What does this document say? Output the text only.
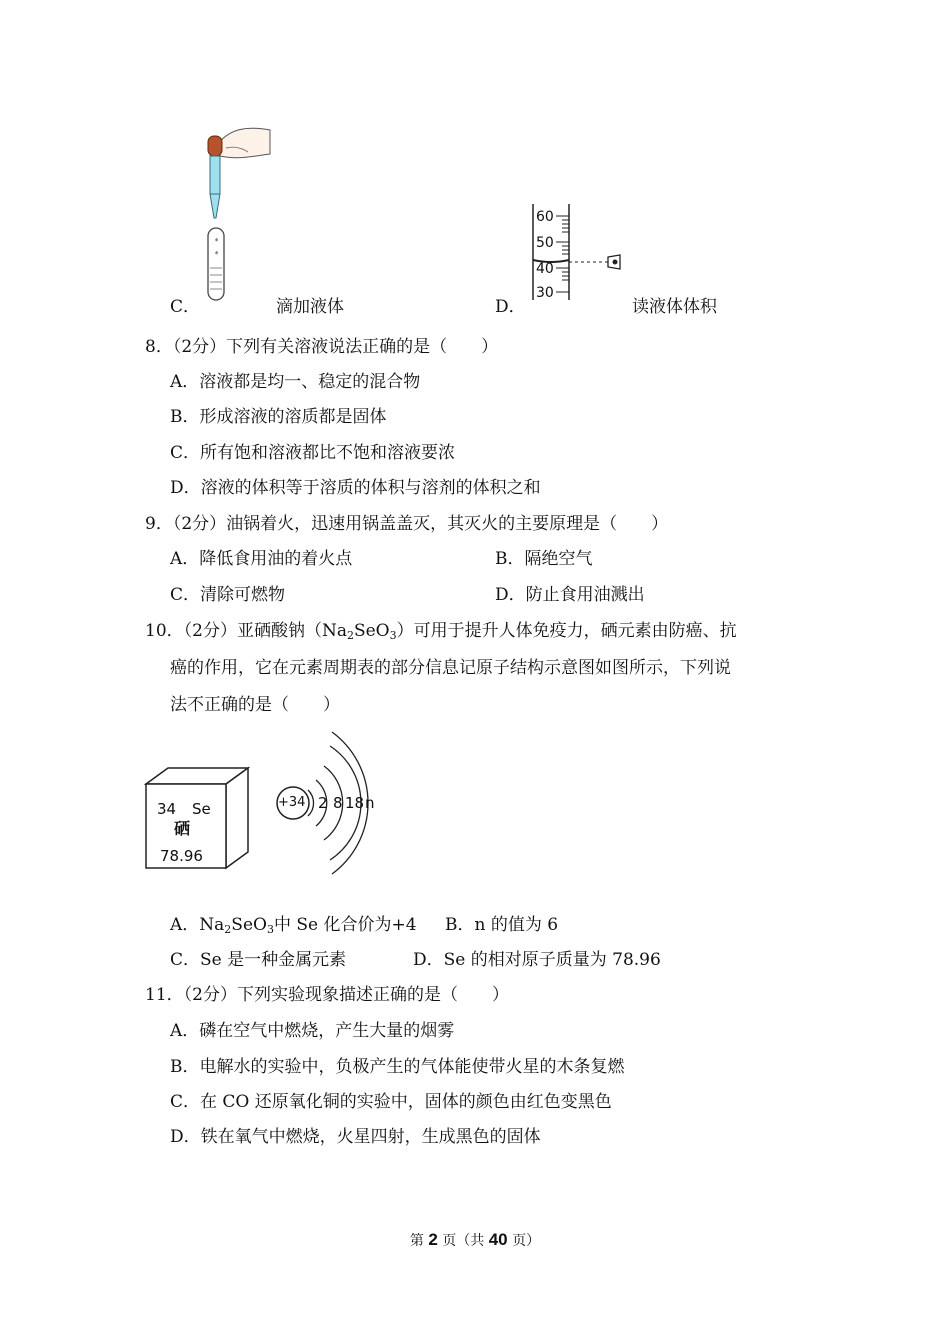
60
50
40
30
C．	滴加液体	D．	读液体体积
8．（2分）下列有关溶液说法正确的是（　　）
A．溶液都是均一、稳定的混合物
B．形成溶液的溶质都是固体
C．所有饱和溶液都比不饱和溶液要浓
D．溶液的体积等于溶质的体积与溶剂的体积之和
9．（2分）油锅着火，迅速用锅盖盖灭，其灭火的主要原理是（　　）
A．降低食用油的着火点	B．隔绝空气
C．清除可燃物	D．防止食用油溅出
10．（2分）亚硒酸钠$(Na_2SeO_3)$可用于提升人体免疫力，硒元素由防癌、抗
癌的作用，它在元素周期表的部分信息记原子结构示意图如图所示，下列说
法不正确的是（　　）
34 Se
硒
78.96
+34 2 8 18 n
A．$Na_2SeO_3$中 Se 化合价为+4 B．n 的值为 6
C．Se 是一种金属元素	D．Se 的相对原子质量为 78.96
11．（2分）下列实验现象描述正确的是（　　）
A．磷在空气中燃烧，产生大量的烟雾
B．电解水的实验中，负极产生的气体能使带火星的木条复燃
C．在 CO 还原氧化铜的实验中，固体的颜色由红色变黑色
D．铁在氧气中燃烧，火星四射，生成黑色的固体
第 2 页（共 40 页）
